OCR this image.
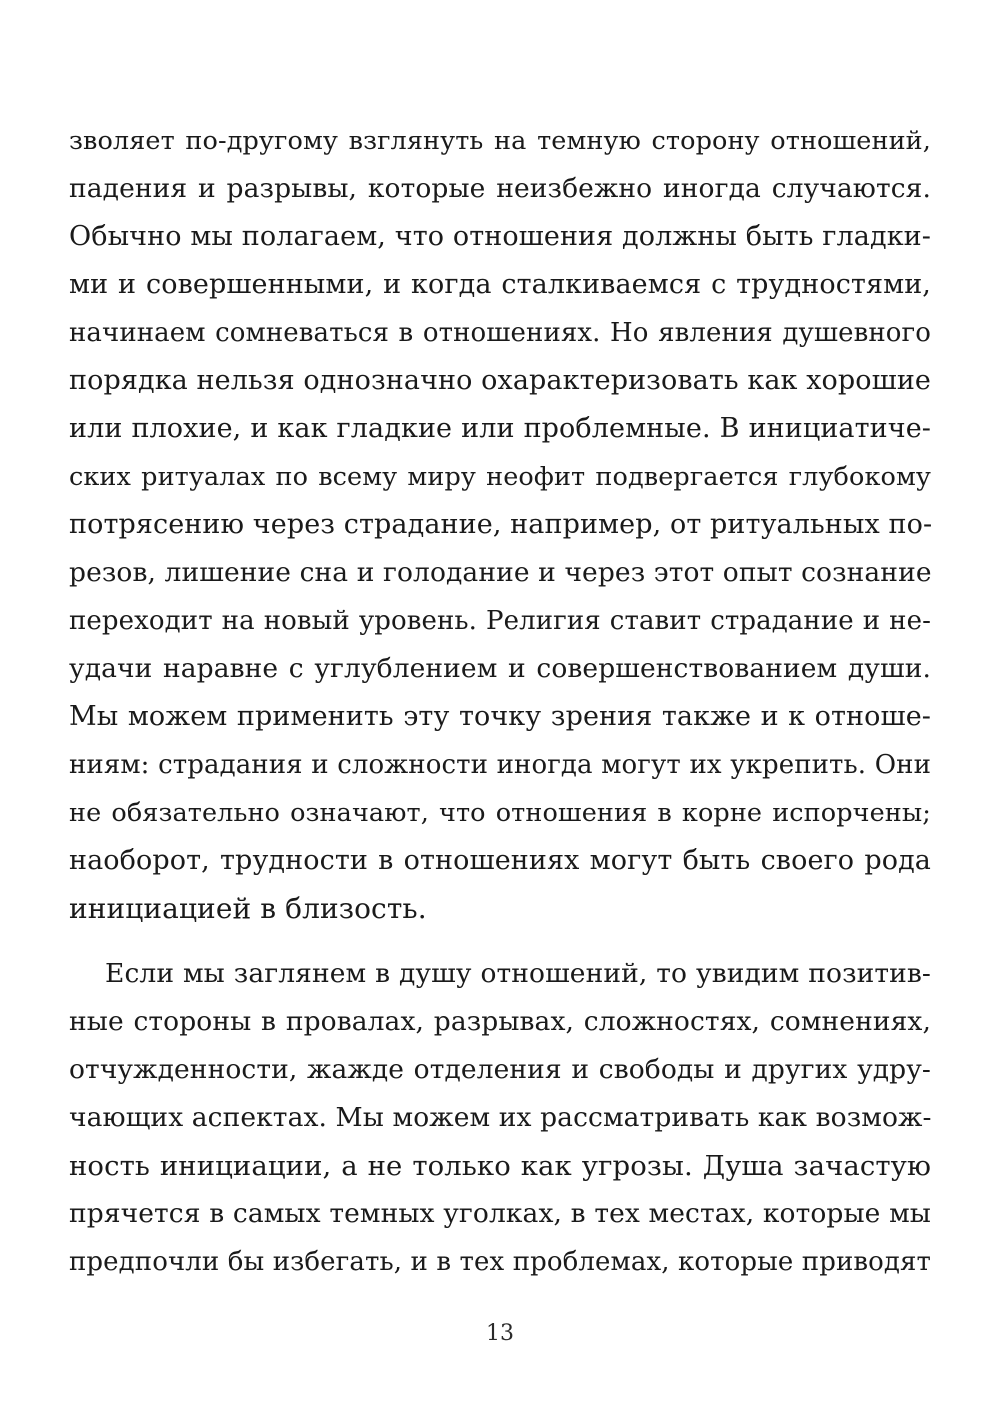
зволяет по-другому взглянуть на темную сторону отношений,
падения и разрывы, которые неизбежно иногда случаются.
Обычно мы полагаем, что отношения должны быть гладки-
ми и совершенными, и когда сталкиваемся с трудностями,
начинаем сомневаться в отношениях. Но явления душевного
порядка нельзя однозначно охарактеризовать как хорошие
или плохие, и как гладкие или проблемные. В инициатиче-
ских ритуалах по всему миру неофит подвергается глубокому
потрясению через страдание, например, от ритуальных по-
резов, лишение сна и голодание и через этот опыт сознание
переходит на новый уровень. Религия ставит страдание и не-
удачи наравне с углублением и совершенствованием души.
Мы можем применить эту точку зрения также и к отноше-
ниям: страдания и сложности иногда могут их укрепить. Они
не обязательно означают, что отношения в корне испорчены;
наоборот, трудности в отношениях могут быть своего рода
инициацией в близость.
Если мы заглянем в душу отношений, то увидим позитив-
ные стороны в провалах, разрывах, сложностях, сомнениях,
отчужденности, жажде отделения и свободы и других удру-
чающих аспектах. Мы можем их рассматривать как возмож-
ность инициации, а не только как угрозы. Душа зачастую
прячется в самых темных уголках, в тех местах, которые мы
предпочли бы избегать, и в тех проблемах, которые приводят
13
